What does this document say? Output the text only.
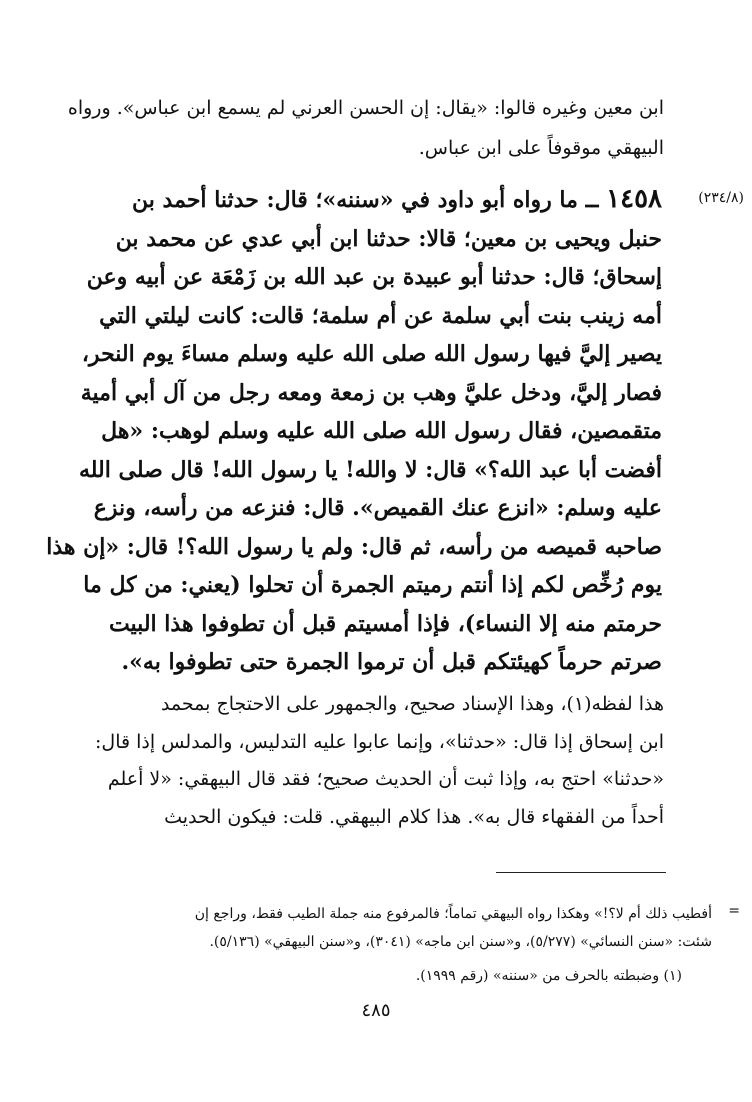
ابن معين وغيره قالوا: «يقال: إن الحسن العرني لم يسمع ابن عباس». ورواه
البيهقي موقوفاً على ابن عباس.
(٢٣٤/٨)
١٤٥٨ ــ ما رواه أبو داود في «سننه»؛ قال: حدثنا أحمد بن
حنبل ويحيى بن معين؛ قالا: حدثنا ابن أبي عدي عن محمد بن
إسحاق؛ قال: حدثنا أبو عبيدة بن عبد الله بن زَمْعَة عن أبيه وعن
أمه زينب بنت أبي سلمة عن أم سلمة؛ قالت: كانت ليلتي التي
يصير إليَّ فيها رسول الله صلى الله عليه وسلم مساءَ يوم النحر،
فصار إليَّ، ودخل عليَّ وهب بن زمعة ومعه رجل من آل أبي أمية
متقمصين، فقال رسول الله صلى الله عليه وسلم لوهب: «هل
أفضت أبا عبد الله؟» قال: لا والله! يا رسول الله! قال صلى الله
عليه وسلم: «انزع عنك القميص». قال: فنزعه من رأسه، ونزع
صاحبه قميصه من رأسه، ثم قال: ولم يا رسول الله؟! قال: «إن هذا
يوم رُخِّص لكم إذا أنتم رميتم الجمرة أن تحلوا (يعني: من كل ما
حرمتم منه إلا النساء)، فإذا أمسيتم قبل أن تطوفوا هذا البيت
صرتم حرماً كهيئتكم قبل أن ترموا الجمرة حتى تطوفوا به».
هذا لفظه(١)، وهذا الإسناد صحيح، والجمهور على الاحتجاج بمحمد
ابن إسحاق إذا قال: «حدثنا»، وإنما عابوا عليه التدليس، والمدلس إذا قال:
«حدثنا» احتج به، وإذا ثبت أن الحديث صحيح؛ فقد قال البيهقي: «لا أعلم
أحداً من الفقهاء قال به». هذا كلام البيهقي. قلت: فيكون الحديث
=
أفطيب ذلك أم لا؟!» وهكذا رواه البيهقي تماماً؛ فالمرفوع منه جملة الطيب فقط، وراجع إن
شئت: «سنن النسائي» (٥/٢٧٧)، و«سنن ابن ماجه» (٣٠٤١)، و«سنن البيهقي» (٥/١٣٦).
(١) وضبطته بالحرف من «سننه» (رقم ١٩٩٩).
٤٨٥
